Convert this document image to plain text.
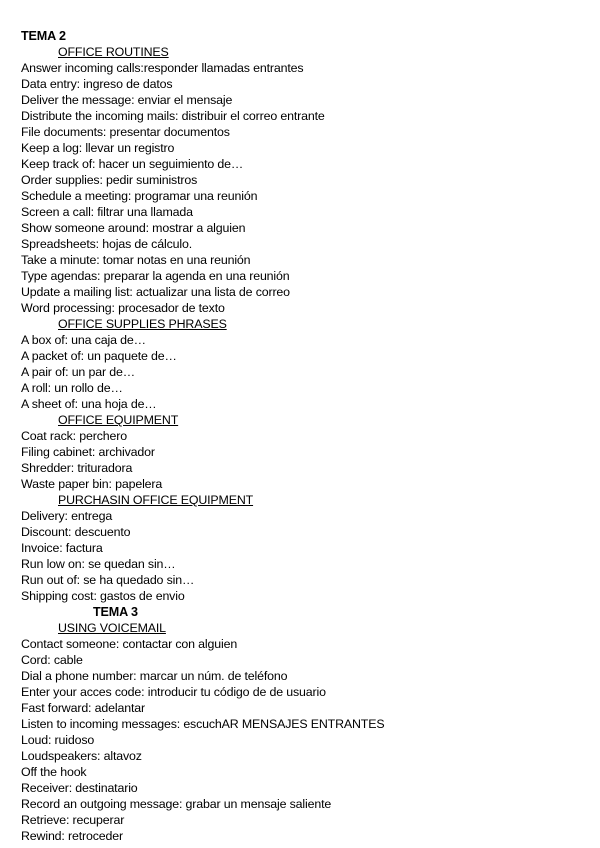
TEMA 2
OFFICE ROUTINES
Answer incoming calls:responder llamadas entrantes
Data entry: ingreso de datos
Deliver the message: enviar el mensaje
Distribute the incoming mails: distribuir el correo entrante
File documents: presentar documentos
Keep a log: llevar un registro
Keep track of: hacer un seguimiento de…
Order supplies: pedir suministros
Schedule a meeting: programar una reunión
Screen a call: filtrar una llamada
Show someone around: mostrar a alguien
Spreadsheets: hojas de cálculo.
Take a minute: tomar notas en una reunión
Type agendas: preparar la agenda en una reunión
Update a mailing list: actualizar una lista de correo
Word processing: procesador de texto
OFFICE SUPPLIES PHRASES
A box of: una caja de…
A packet of: un paquete de…
A pair of: un par de…
A roll: un rollo de…
A sheet of: una hoja de…
OFFICE EQUIPMENT
Coat rack: perchero
Filing cabinet: archivador
Shredder: trituradora
Waste paper bin: papelera
PURCHASIN OFFICE EQUIPMENT
Delivery: entrega
Discount: descuento
Invoice: factura
Run low on: se quedan sin…
Run out of: se ha quedado sin…
Shipping cost: gastos de envio
TEMA 3
USING VOICEMAIL
Contact someone: contactar con alguien
Cord: cable
Dial a phone number: marcar un núm. de teléfono
Enter your acces code: introducir tu código de de usuario
Fast forward: adelantar
Listen to incoming messages: escuchAR MENSAJES ENTRANTES
Loud: ruidoso
Loudspeakers: altavoz
Off the hook
Receiver: destinatario
Record an outgoing message: grabar un mensaje saliente
Retrieve: recuperar
Rewind: retroceder
